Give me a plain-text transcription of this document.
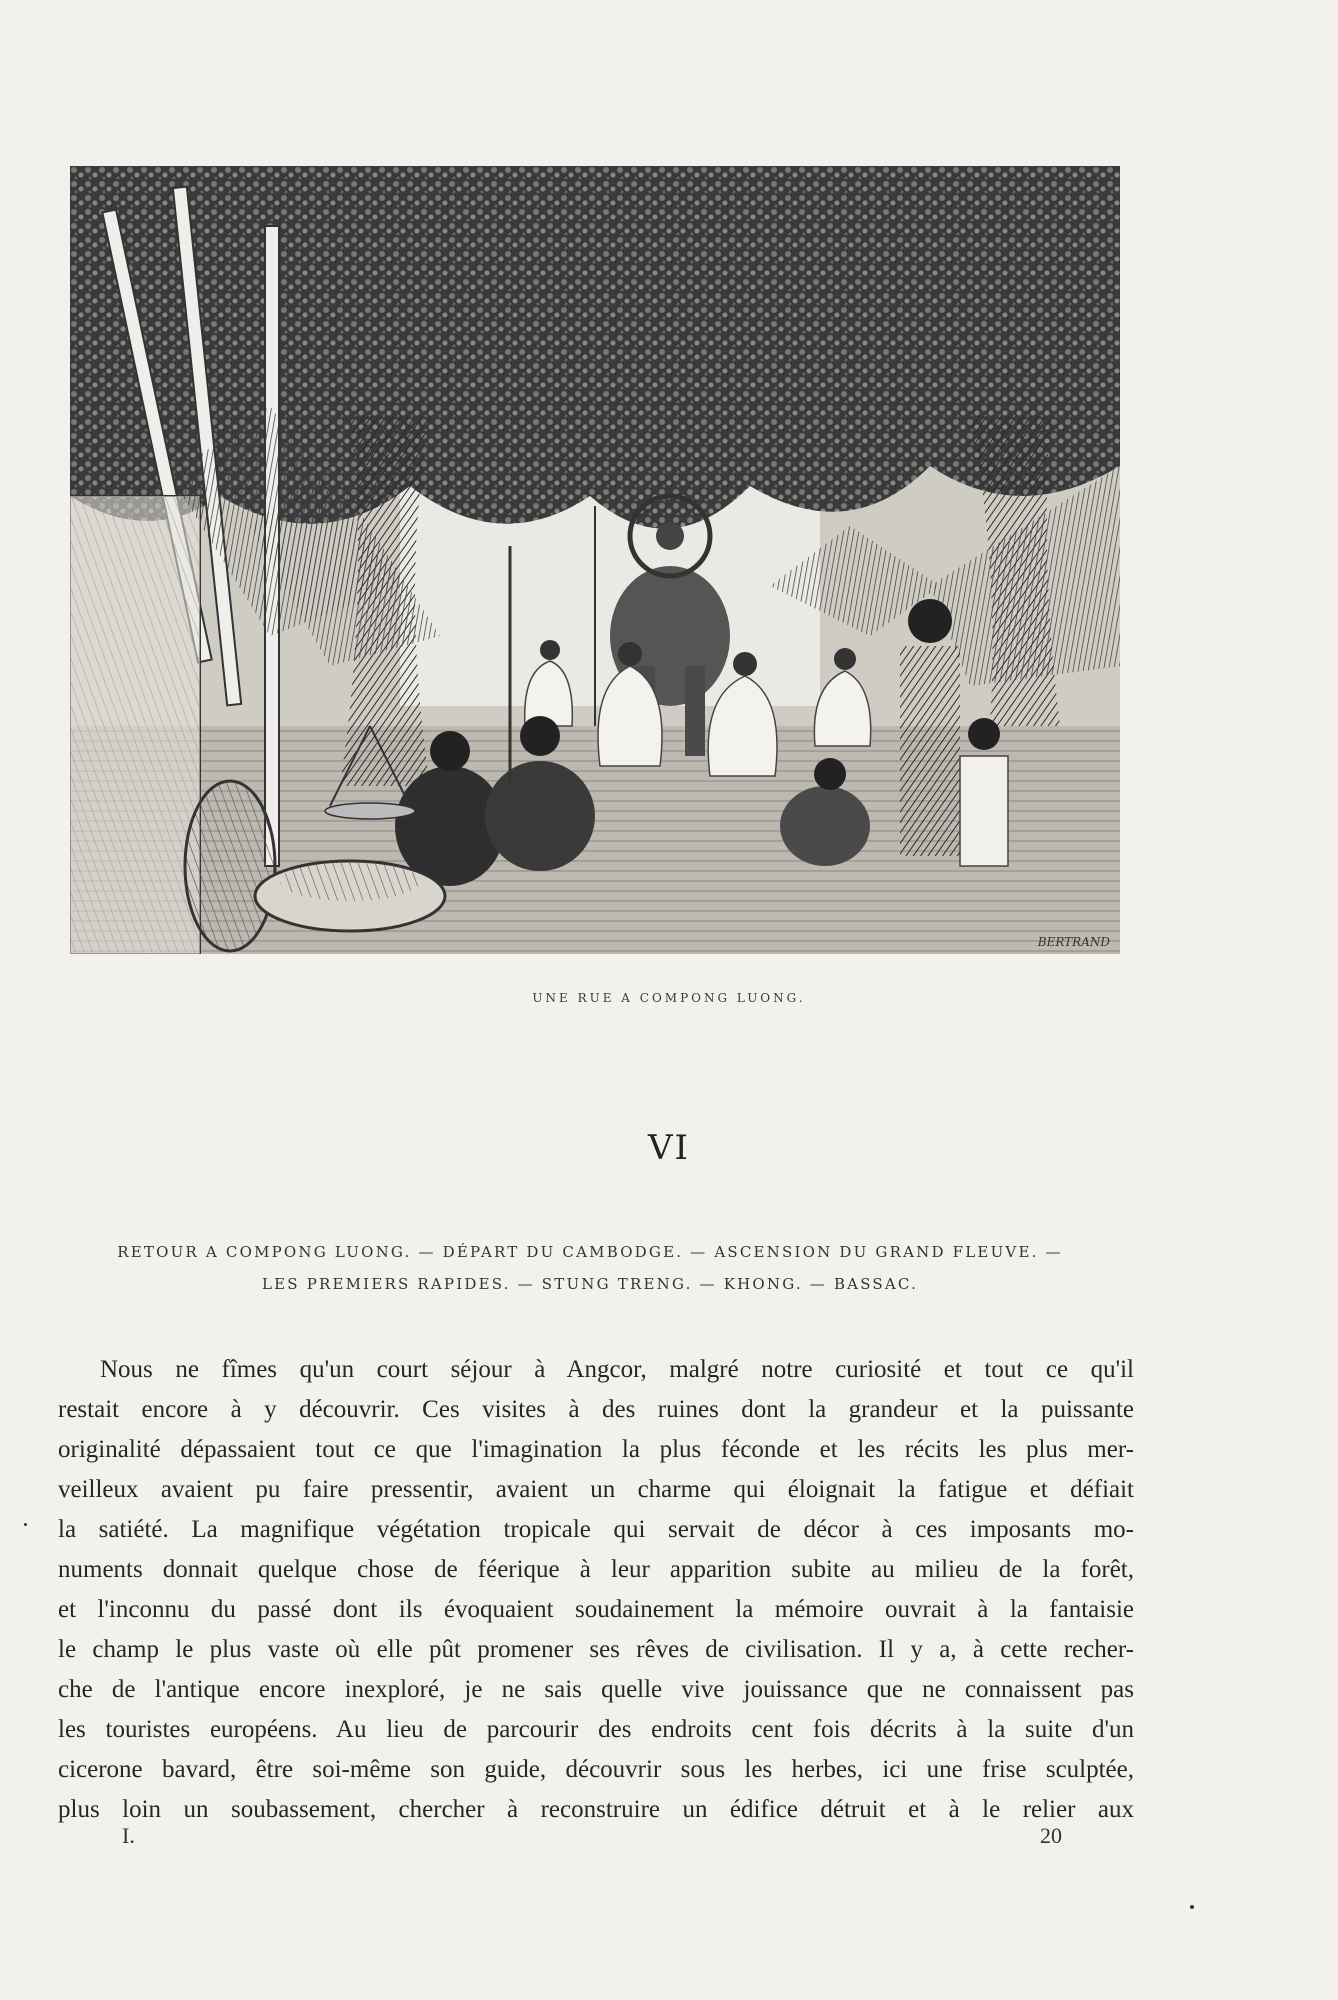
BERTRAND
UNE RUE A COMPONG LUONG.
VI
RETOUR A COMPONG LUONG. — DÉPART DU CAMBODGE. — ASCENSION DU GRAND FLEUVE. —
LES PREMIERS RAPIDES. — STUNG TRENG. — KHONG. — BASSAC.
Nous ne fîmes qu'un court séjour à Angcor, malgré notre curiosité et tout ce qu'il
restait encore à y découvrir. Ces visites à des ruines dont la grandeur et la puissante
originalité dépassaient tout ce que l'imagination la plus féconde et les récits les plus mer-
veilleux avaient pu faire pressentir, avaient un charme qui éloignait la fatigue et défiait
la satiété. La magnifique végétation tropicale qui servait de décor à ces imposants mo-
numents donnait quelque chose de féerique à leur apparition subite au milieu de la forêt,
et l'inconnu du passé dont ils évoquaient soudainement la mémoire ouvrait à la fantaisie
le champ le plus vaste où elle pût promener ses rêves de civilisation. Il y a, à cette recher-
che de l'antique encore inexploré, je ne sais quelle vive jouissance que ne connaissent pas
les touristes européens. Au lieu de parcourir des endroits cent fois décrits à la suite d'un
cicerone bavard, être soi-même son guide, découvrir sous les herbes, ici une frise sculptée,
plus loin un soubassement, chercher à reconstruire un édifice détruit et à le relier aux
I.	20
